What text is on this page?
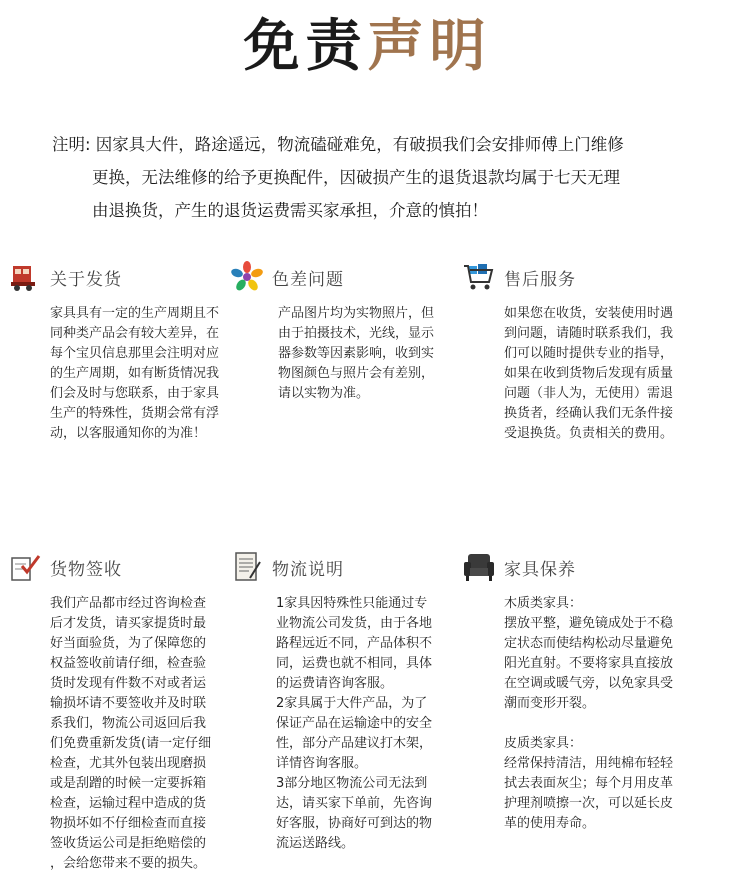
免责声明
注明: 因家具大件，路途遥远，物流磕碰难免，有破损我们会安排师傅上门维修
更换，无法维修的给予更换配件，因破损产生的退货退款均属于七天无理
由退换货，产生的退货运费需买家承担，介意的慎拍！
关于发货

家具具有一定的生产周期且不

同种类产品会有较大差异，在

每个宝贝信息那里会注明对应

的生产周期，如有断货情况我

们会及时与您联系，由于家具

生产的特殊性，货期会常有浮

动，以客服通知你的为准！

色差问题

产品图片均为实物照片，但

由于拍摄技术，光线，显示

器参数等因素影响，收到实

物图颜色与照片会有差别，

请以实物为准。

售后服务

如果您在收货，安装使用时遇

到问题，请随时联系我们，我

们可以随时提供专业的指导，

如果在收到货物后发现有质量

问题（非人为，无使用）需退

换货者，经确认我们无条件接

受退换货。负责相关的费用。

货物签收

我们产品都市经过咨询检查

后才发货，请买家提货时最

好当面验货，为了保障您的

权益签收前请仔细，检查验

货时发现有件数不对或者运

输损坏请不要签收并及时联

系我们，物流公司返回后我

们免费重新发货(请一定仔细

检查，尤其外包装出现磨损

或是刮蹭的时候一定要拆箱

检查，运输过程中造成的货

物损坏如不仔细检查而直接

签收货运公司是拒绝赔偿的

，会给您带来不要的损失。

物流说明

1家具因特殊性只能通过专

业物流公司发货，由于各地

路程远近不同，产品体积不

同，运费也就不相同，具体

的运费请咨询客服。

2家具属于大件产品，为了

保证产品在运输途中的安全

性，部分产品建议打木架，

详情咨询客服。

3部分地区物流公司无法到

达，请买家下单前，先咨询

好客服，协商好可到达的物

流运送路线。

家具保养

木质类家具：

摆放平整，避免镜成处于不稳

定状态而使结构松动尽量避免

阳光直射。不要将家具直接放

在空调或暖气旁，以免家具受

潮而变形开裂。

皮质类家具：

经常保持清洁，用纯棉布轻轻

拭去表面灰尘；每个月用皮革

护理剂喷擦一次，可以延长皮

革的使用寿命。
